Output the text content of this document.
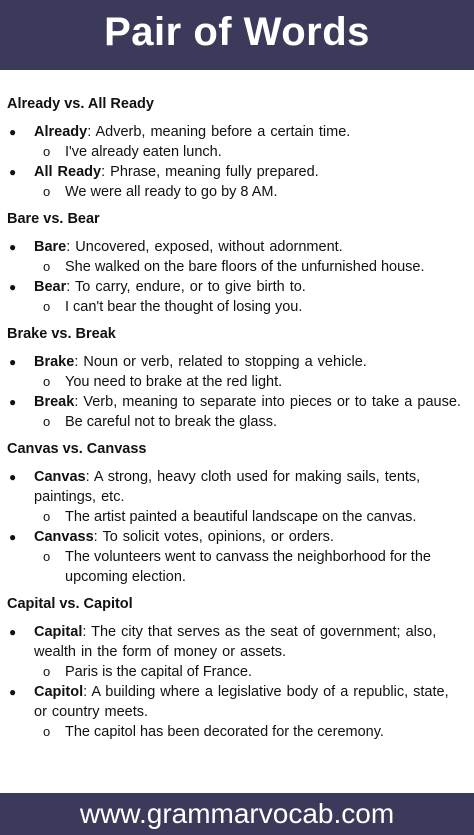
Pair of Words
Already vs. All Ready
● Already: Adverb, meaning before a certain time.
o I've already eaten lunch.
● All Ready: Phrase, meaning fully prepared.
o We were all ready to go by 8 AM.
Bare vs. Bear
● Bare: Uncovered, exposed, without adornment.
o She walked on the bare floors of the unfurnished house.
● Bear: To carry, endure, or to give birth to.
o I can't bear the thought of losing you.
Brake vs. Break
● Brake: Noun or verb, related to stopping a vehicle.
o You need to brake at the red light.
● Break: Verb, meaning to separate into pieces or to take a pause.
o Be careful not to break the glass.
Canvas vs. Canvass
● Canvas: A strong, heavy cloth used for making sails, tents, paintings, etc.
o The artist painted a beautiful landscape on the canvas.
● Canvass: To solicit votes, opinions, or orders.
o The volunteers went to canvass the neighborhood for the upcoming election.
Capital vs. Capitol
● Capital: The city that serves as the seat of government; also, wealth in the form of money or assets.
o Paris is the capital of France.
● Capitol: A building where a legislative body of a republic, state, or country meets.
o The capitol has been decorated for the ceremony.
www.grammarvocab.com
